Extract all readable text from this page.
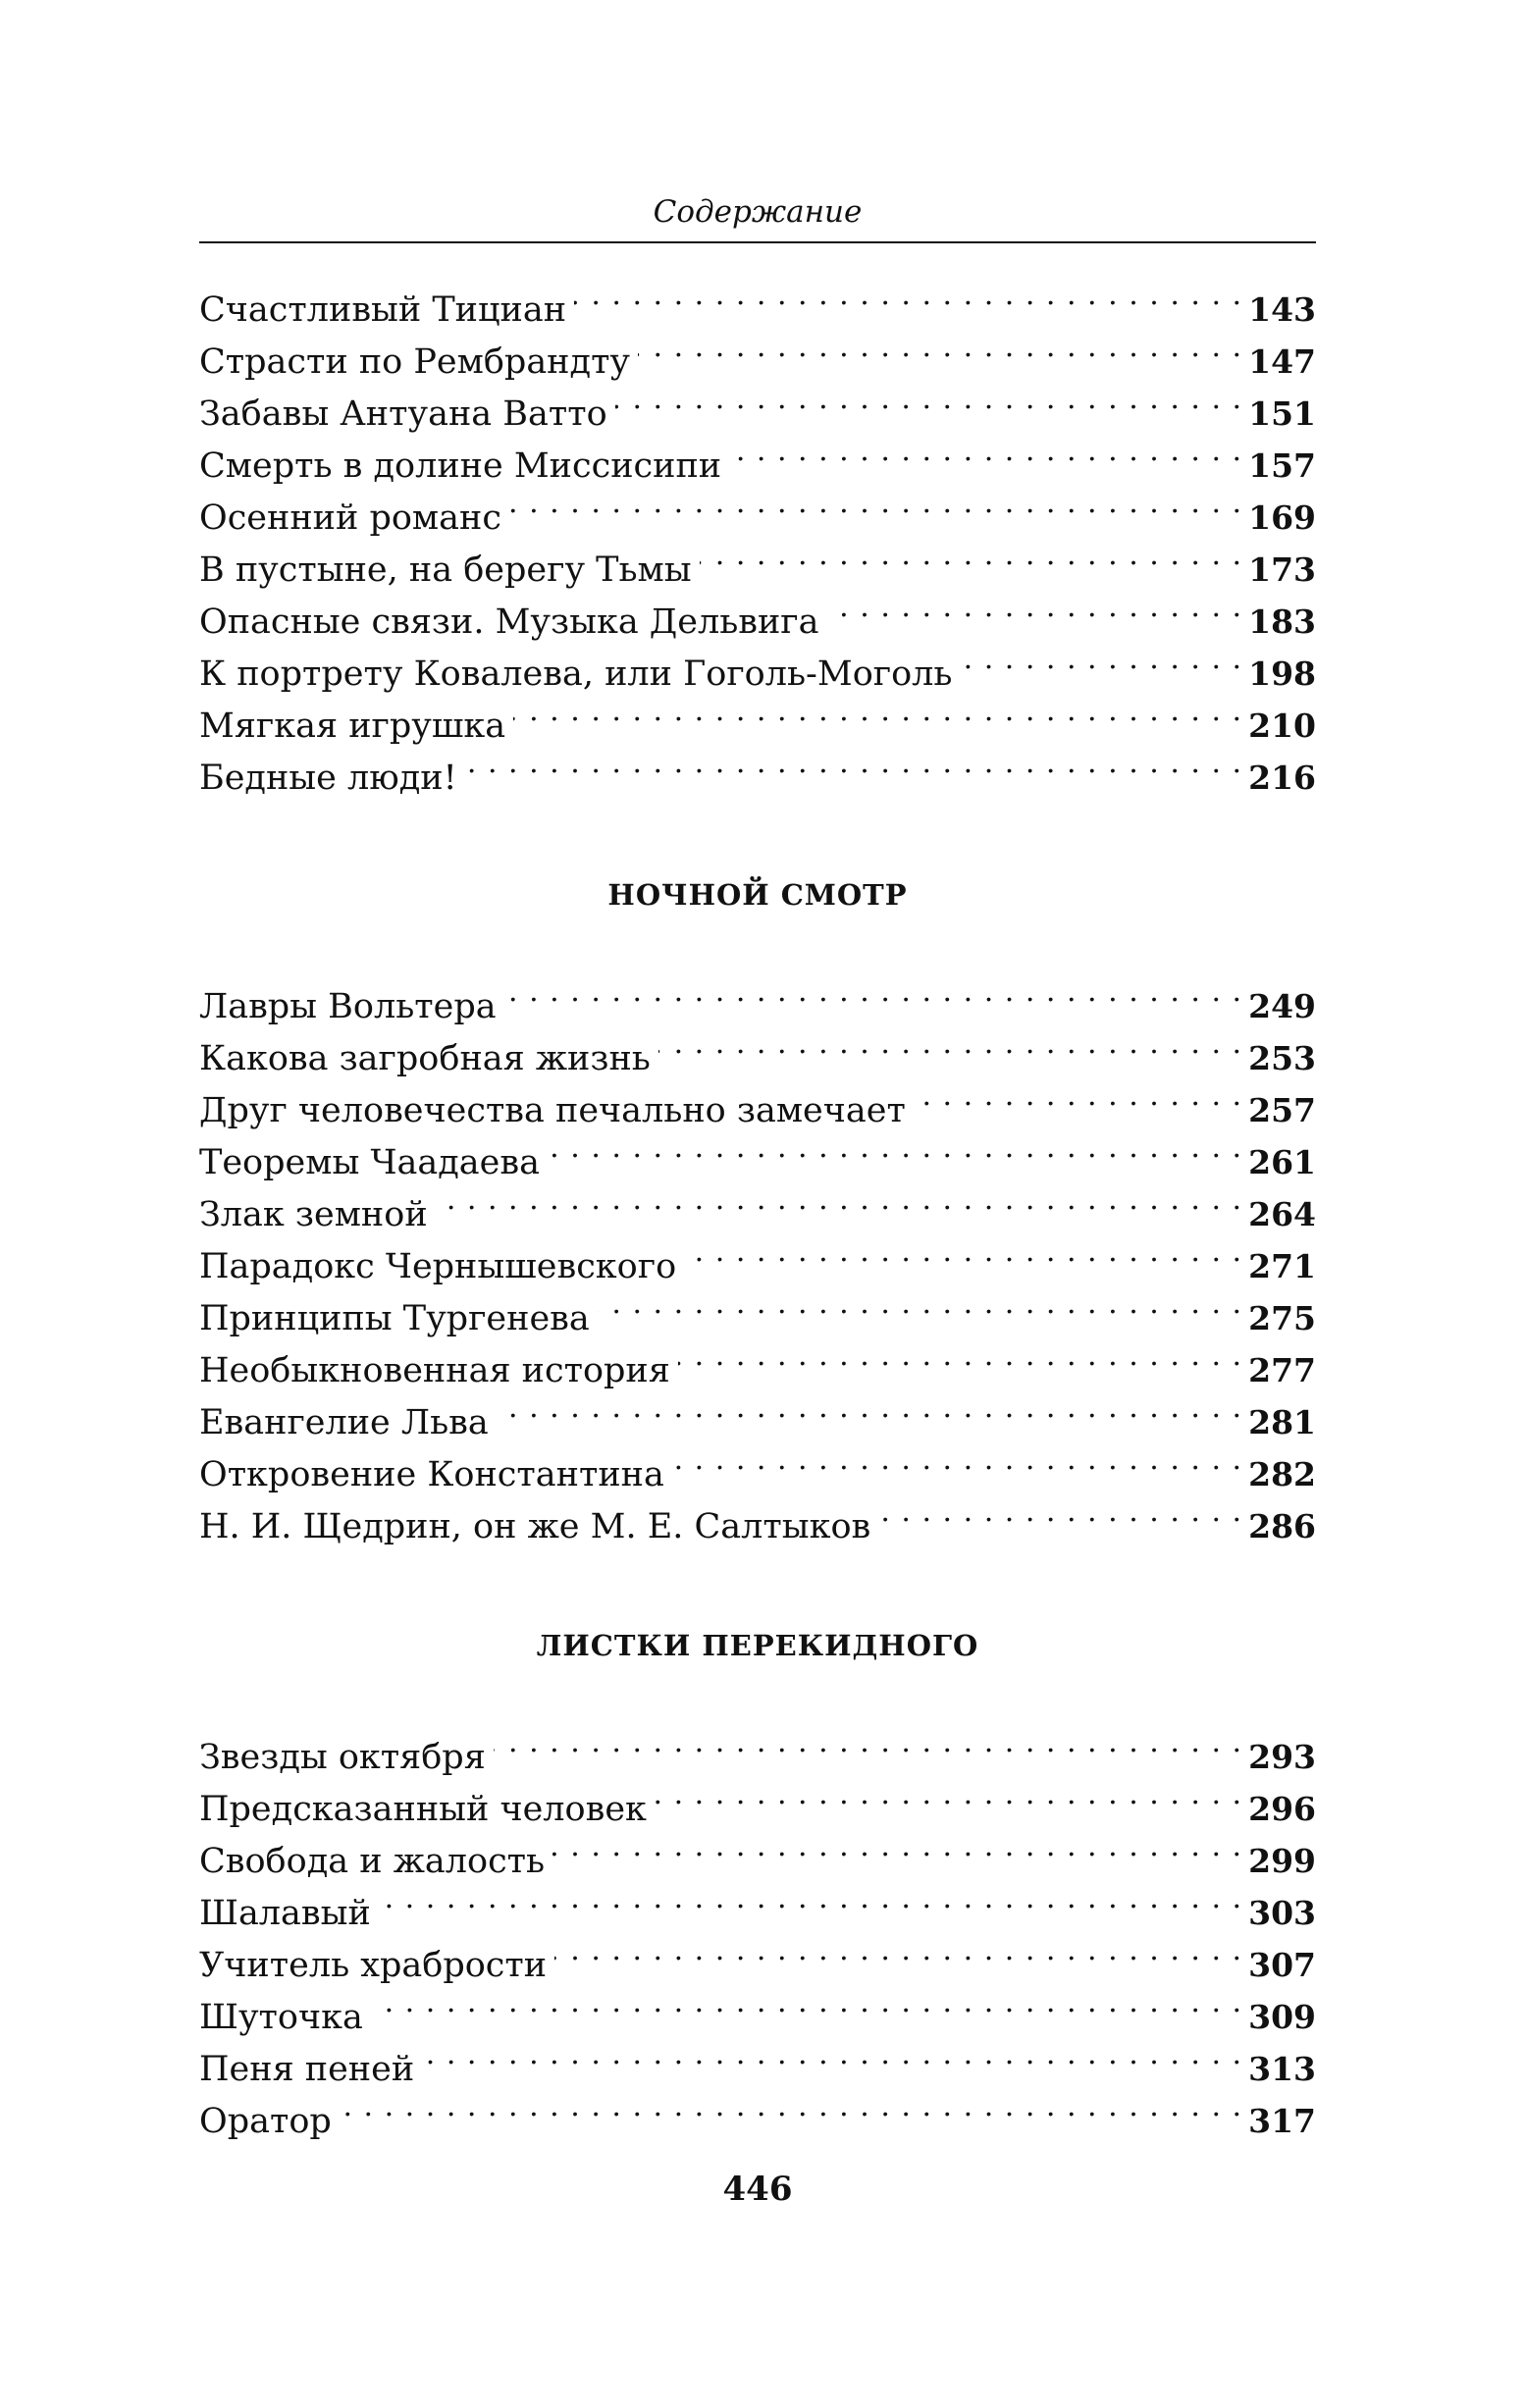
Содержание
Счастливый Тициан . . .	143
Страсти по Рембрандту . . .	147
Забавы Антуана Ватто . . .	151
Смерть в долине Миссисипи . . .	157
Осенний романс . . .	169
В пустыне, на берегу Тьмы . . .	173
Опасные связи. Музыка Дельвига . . .	183
К портрету Ковалева, или Гоголь-Моголь . . .	198
Мягкая игрушка . . .	210
Бедные люди! . . .	216
НОЧНОЙ СМОТР
Лавры Вольтера . . .	249
Какова загробная жизнь . . .	253
Друг человечества печально замечает . . .	257
Теоремы Чаадаева . . .	261
Злак земной . . .	264
Парадокс Чернышевского . . .	271
Принципы Тургенева . . .	275
Необыкновенная история . . .	277
Евангелие Льва . . .	281
Откровение Константина . . .	282
Н. И. Щедрин, он же М. Е. Салтыков . . .	286
ЛИСТКИ ПЕРЕКИДНОГО
Звезды октября . . .	293
Предсказанный человек . . .	296
Свобода и жалость . . .	299
Шалавый . . .	303
Учитель храбрости . . .	307
Шуточка . . .	309
Пеня пеней . . .	313
Оратор . . .	317
446
